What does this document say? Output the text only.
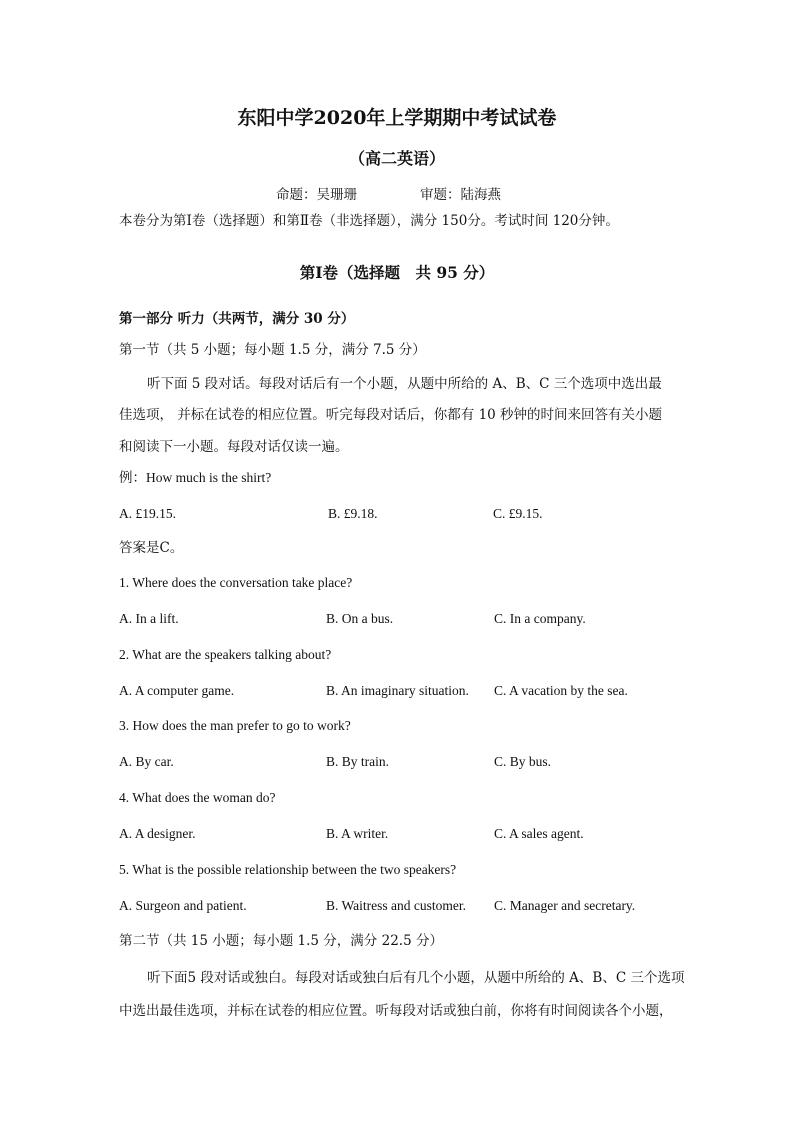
东阳中学2020年上学期期中考试试卷
（高二英语）
命题：吴珊珊	审题：陆海燕
本卷分为第Ⅰ卷（选择题）和第Ⅱ卷（非选择题），满分 150分。考试时间 120分钟。
第Ⅰ卷（选择题　共 95 分）
第一部分 听力（共两节，满分 30 分）
第一节（共 5 小题；每小题 1.5 分，满分 7.5 分）
听下面 5 段对话。每段对话后有一个小题，从题中所给的 A、B、C 三个选项中选出最
佳选项， 并标在试卷的相应位置。听完每段对话后，你都有 10 秒钟的时间来回答有关小题
和阅读下一小题。每段对话仅读一遍。
例：How much is the shirt?
A. £19.15.	B. £9.18.	C. £9.15.
答案是C。
1. Where does the conversation take place?
A. In a lift.	B. On a bus.	C. In a company.
2. What are the speakers talking about?
A. A computer game.	B. An imaginary situation. C. A vacation by the sea.
3. How does the man prefer to go to work?
A. By car.	B. By train.	C. By bus.
4. What does the woman do?
A. A designer.	B. A writer.	C. A sales agent.
5. What is the possible relationship between the two speakers?
A. Surgeon and patient.	B. Waitress and customer. C. Manager and secretary.
第二节（共 15 小题；每小题 1.5 分，满分 22.5 分）
听下面5 段对话或独白。每段对话或独白后有几个小题，从题中所给的 A、B、C 三个选项
中选出最佳选项，并标在试卷的相应位置。听每段对话或独白前，你将有时间阅读各个小题，
